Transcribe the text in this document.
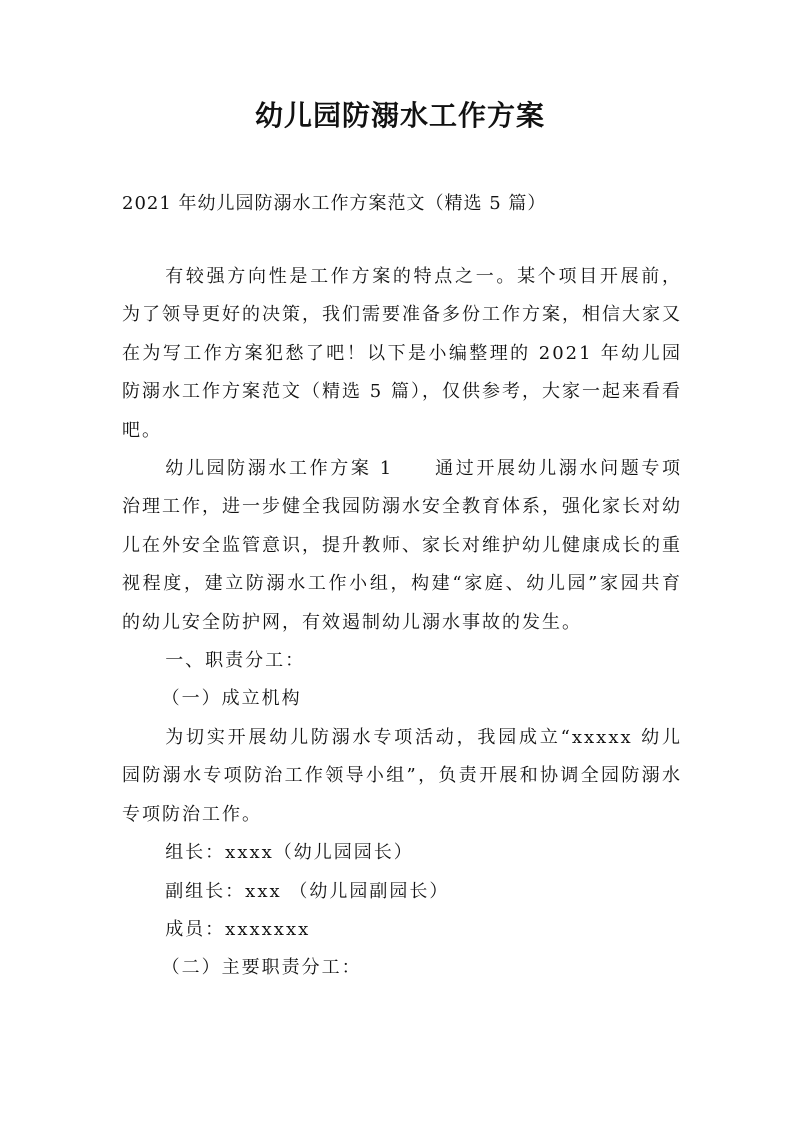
幼儿园防溺水工作方案

2021 年幼儿园防溺水工作方案范文（精选 5 篇）

有较强方向性是工作方案的特点之一。某个项目开展前，为了领导更好的决策，我们需要准备多份工作方案，相信大家又在为写工作方案犯愁了吧！以下是小编整理的 2021 年幼儿园防溺水工作方案范文（精选 5 篇），仅供参考，大家一起来看看吧。

幼儿园防溺水工作方案 1　　通过开展幼儿溺水问题专项治理工作，进一步健全我园防溺水安全教育体系，强化家长对幼儿在外安全监管意识，提升教师、家长对维护幼儿健康成长的重视程度，建立防溺水工作小组，构建“家庭、幼儿园”家园共育的幼儿安全防护网，有效遏制幼儿溺水事故的发生。

一、职责分工：

（一）成立机构

为切实开展幼儿防溺水专项活动，我园成立“xxxxx 幼儿园防溺水专项防治工作领导小组”，负责开展和协调全园防溺水专项防治工作。

组长：xxxx（幼儿园园长）

副组长：xxx （幼儿园副园长）

成员：xxxxxxx

（二）主要职责分工：
